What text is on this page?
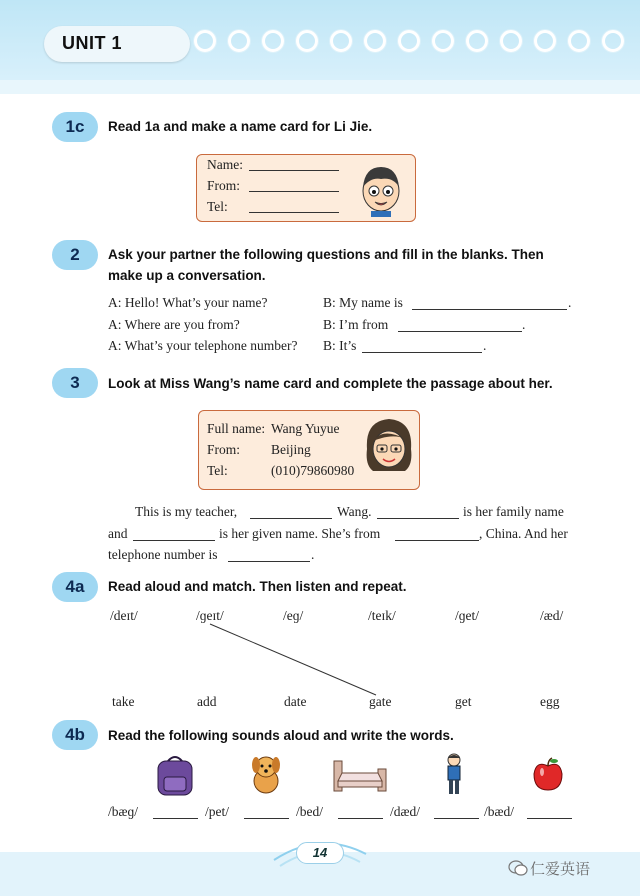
UNIT 1
1c	Read 1a and make a name card for Li Jie.
Name:
From:
Tel:
2	Ask your partner the following questions and fill in the blanks. Then
make up a conversation.
A: Hello! What’s your name?	B: My name is	.
A: Where are you from?	B: I’m from	.
A: What’s your telephone number? B: It’s	.
3	Look at Miss Wang’s name card and complete the passage about her.
Full name: Wang Yuyue
From: Beijing
Tel:	(010)79860980
This is my teacher,	Wang.	is her family name
and	is her given name. She’s from	, China. And her
telephone number is	.
4a	Read aloud and match. Then listen and repeat.
/deɪt/	/ɡeɪt/	/eɡ/	/teɪk/	/ɡet/	/æd/
take	add	date	gate	get	egg
4b	Read the following sounds aloud and write the words.
/bæɡ/	/pet/	/bed/	/dæd/	/bæd/
14
仁爱英语
